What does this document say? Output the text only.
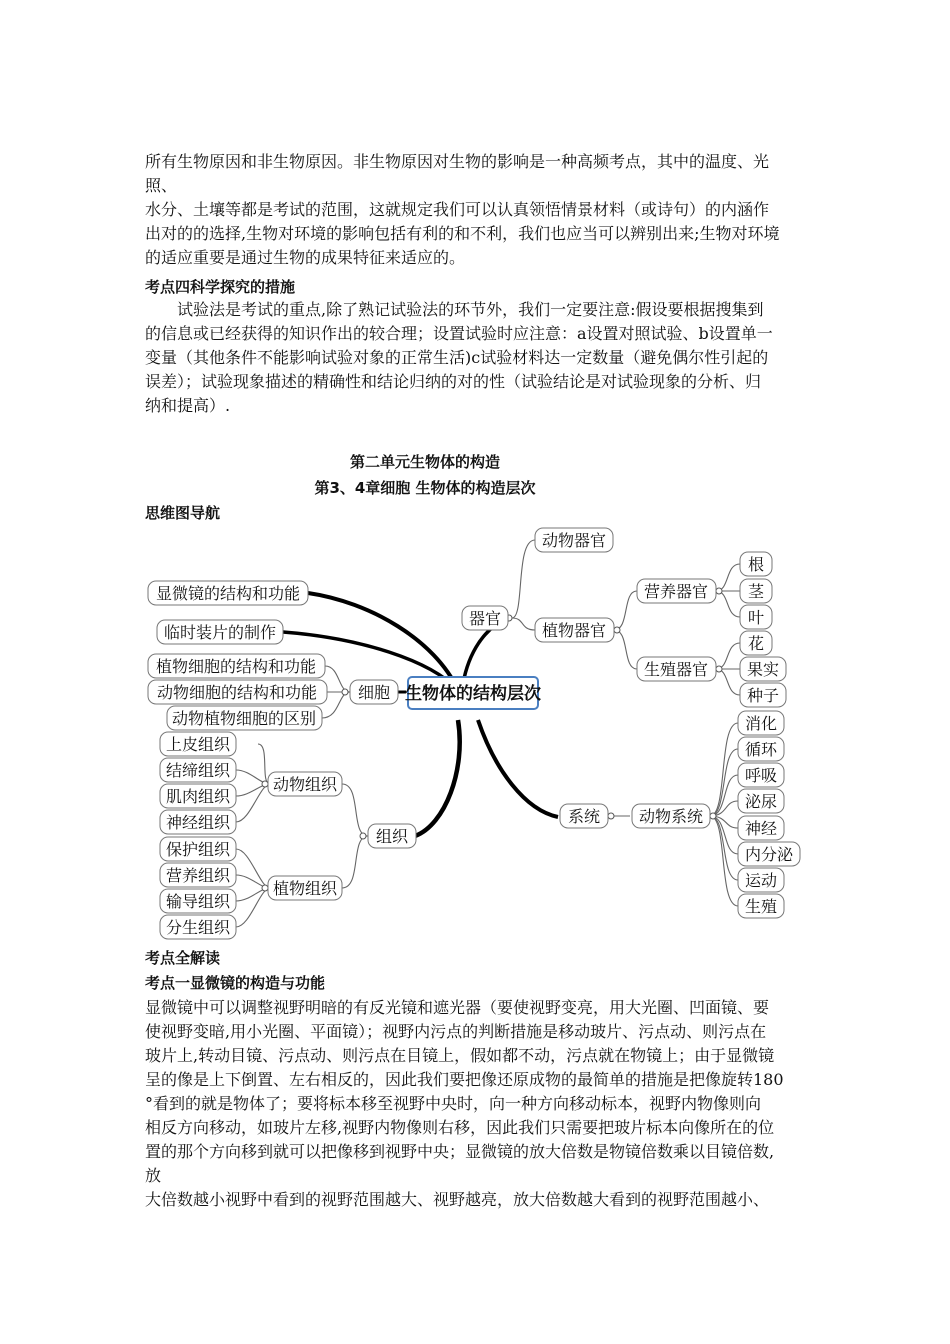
所有生物原因和非生物原因。非生物原因对生物的影响是一种高频考点，其中的温度、光
照、
水分、土壤等都是考试的范围，这就规定我们可以认真领悟情景材料（或诗句）的内涵作
出对的的选择,生物对环境的影响包括有利的和不利，我们也应当可以辨别出来;生物对环境
的适应重要是通过生物的成果特征来适应的。
考点四科学探究的措施
　　试验法是考试的重点,除了熟记试验法的环节外，我们一定要注意:假设要根据搜集到
的信息或已经获得的知识作出的较合理；设置试验时应注意：a设置对照试验、b设置单一
变量（其他条件不能影响试验对象的正常生活)c试验材料达一定数量（避免偶尔性引起的
误差）；试验现象描述的精确性和结论归纳的对的性（试验结论是对试验现象的分析、归
纳和提高）.
第二单元生物体的构造
第3、4章细胞 生物体的构造层次
思维图导航
生物体的结构层次
显微镜的结构和功能
临时装片的制作
植物细胞的结构和功能
动物细胞的结构和功能
动物植物细胞的区别
细胞
上皮组织
结缔组织
肌肉组织
神经组织
保护组织
营养组织
输导组织
分生组织
动物组织
植物组织
组织
器官
动物器官
植物器官
营养器官
生殖器官
根
茎
叶
花
果实
种子
系统 动物系统
消化
循环
呼吸
泌尿
神经
内分泌
运动
生殖
考点全解读
考点一显微镜的构造与功能
显微镜中可以调整视野明暗的有反光镜和遮光器（要使视野变亮，用大光圈、凹面镜、要
使视野变暗,用小光圈、平面镜）；视野内污点的判断措施是移动玻片、污点动、则污点在
玻片上,转动目镜、污点动、则污点在目镜上，假如都不动，污点就在物镜上；由于显微镜
呈的像是上下倒置、左右相反的，因此我们要把像还原成物的最简单的措施是把像旋转180
°看到的就是物体了；要将标本移至视野中央时，向一种方向移动标本，视野内物像则向
相反方向移动，如玻片左移,视野内物像则右移，因此我们只需要把玻片标本向像所在的位
置的那个方向移到就可以把像移到视野中央；显微镜的放大倍数是物镜倍数乘以目镜倍数,
放
大倍数越小视野中看到的视野范围越大、视野越亮，放大倍数越大看到的视野范围越小、
